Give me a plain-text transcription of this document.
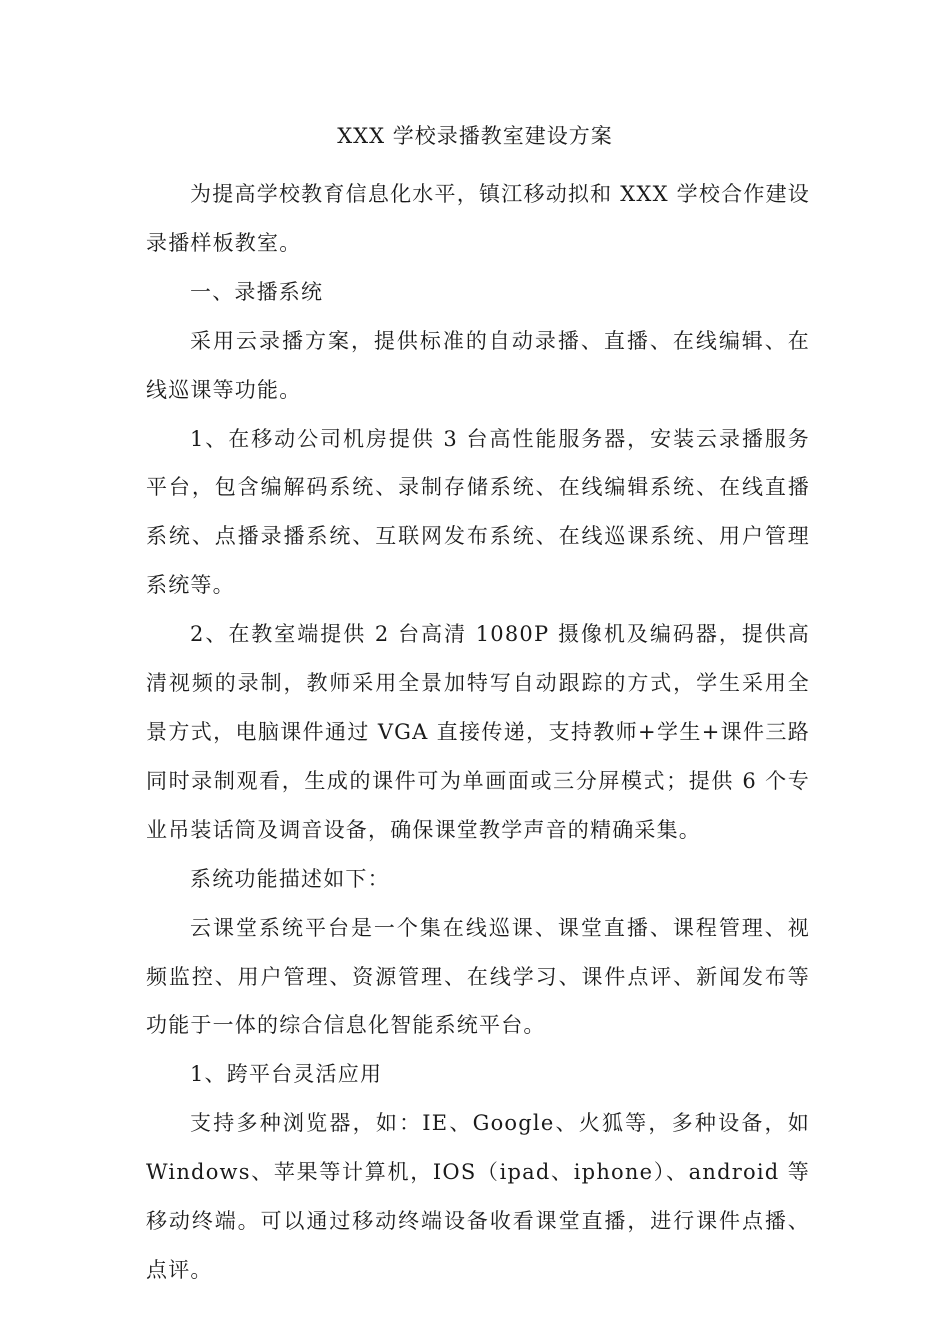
XXX 学校录播教室建设方案

为提高学校教育信息化水平，镇江移动拟和 XXX 学校合作建设录播样板教室。

一、录播系统

采用云录播方案，提供标准的自动录播、直播、在线编辑、在线巡课等功能。

1、在移动公司机房提供 3 台高性能服务器，安装云录播服务平台，包含编解码系统、录制存储系统、在线编辑系统、在线直播系统、点播录播系统、互联网发布系统、在线巡课系统、用户管理系统等。

2、在教室端提供 2 台高清 1080P 摄像机及编码器，提供高清视频的录制，教师采用全景加特写自动跟踪的方式，学生采用全景方式，电脑课件通过 VGA 直接传递，支持教师+学生+课件三路同时录制观看，生成的课件可为单画面或三分屏模式；提供 6 个专业吊装话筒及调音设备，确保课堂教学声音的精确采集。

系统功能描述如下：

云课堂系统平台是一个集在线巡课、课堂直播、课程管理、视频监控、用户管理、资源管理、在线学习、课件点评、新闻发布等功能于一体的综合信息化智能系统平台。

1、跨平台灵活应用

支持多种浏览器，如：IE、Google、火狐等，多种设备，如 Windows、苹果等计算机，IOS（ipad、iphone）、android 等移动终端。可以通过移动终端设备收看课堂直播，进行课件点播、点评。
